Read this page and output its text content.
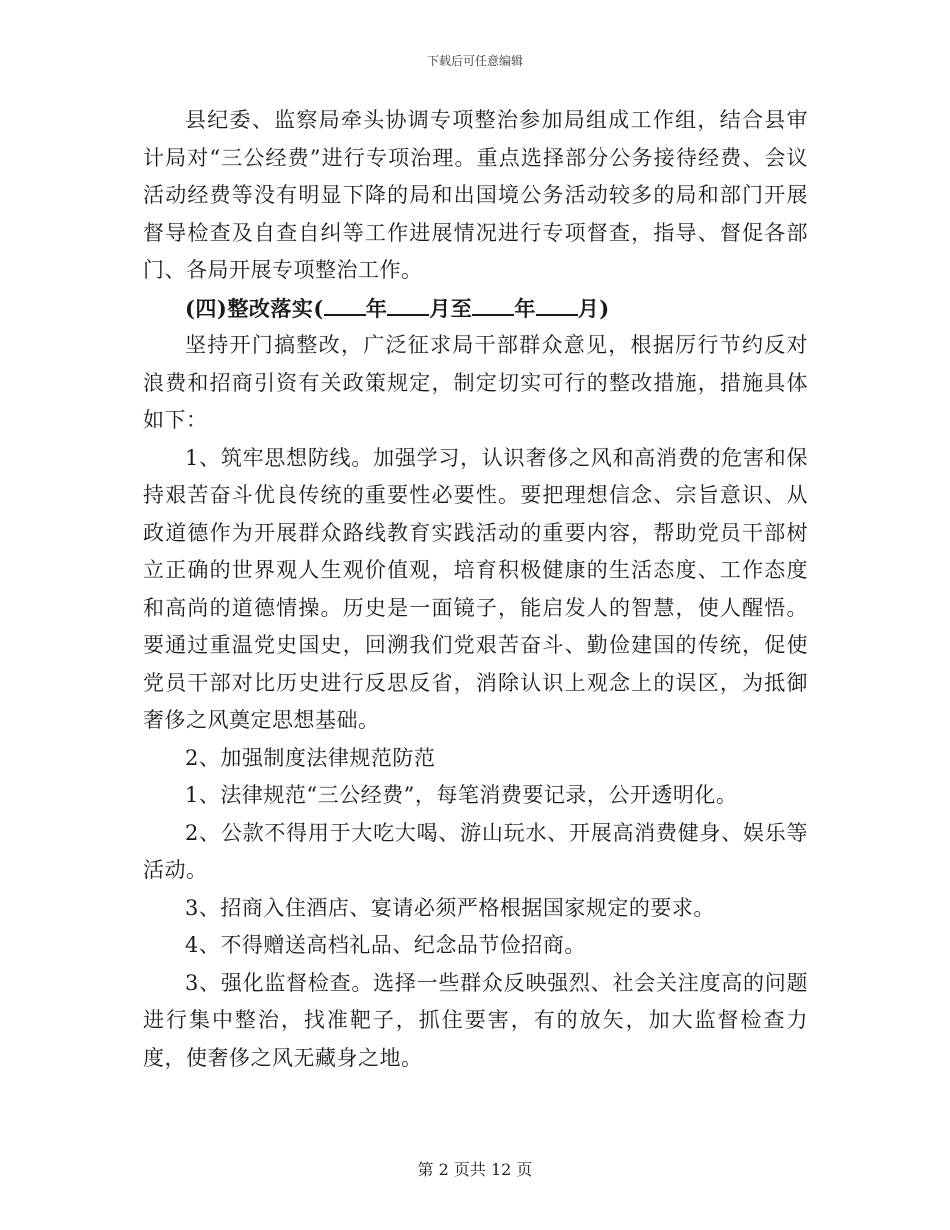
下载后可任意编辑

县纪委、监察局牵头协调专项整治参加局组成工作组，结合县审计局对“三公经费”进行专项治理。重点选择部分公务接待经费、会议活动经费等没有明显下降的局和出国境公务活动较多的局和部门开展督导检查及自查自纠等工作进展情况进行专项督查，指导、督促各部门、各局开展专项整治工作。

(四)整改落实( 年 月至 年 月)

坚持开门搞整改，广泛征求局干部群众意见，根据厉行节约反对浪费和招商引资有关政策规定，制定切实可行的整改措施，措施具体如下：

1、筑牢思想防线。加强学习，认识奢侈之风和高消费的危害和保持艰苦奋斗优良传统的重要性必要性。要把理想信念、宗旨意识、从政道德作为开展群众路线教育实践活动的重要内容，帮助党员干部树立正确的世界观人生观价值观，培育积极健康的生活态度、工作态度和高尚的道德情操。历史是一面镜子，能启发人的智慧，使人醒悟。要通过重温党史国史，回溯我们党艰苦奋斗、勤俭建国的传统，促使党员干部对比历史进行反思反省，消除认识上观念上的误区，为抵御奢侈之风奠定思想基础。

2、加强制度法律规范防范

1、法律规范“三公经费”，每笔消费要记录，公开透明化。

2、公款不得用于大吃大喝、游山玩水、开展高消费健身、娱乐等活动。

3、招商入住酒店、宴请必须严格根据国家规定的要求。

4、不得赠送高档礼品、纪念品节俭招商。

3、强化监督检查。选择一些群众反映强烈、社会关注度高的问题进行集中整治，找准靶子，抓住要害，有的放矢，加大监督检查力度，使奢侈之风无藏身之地。

第 2 页共 12 页
